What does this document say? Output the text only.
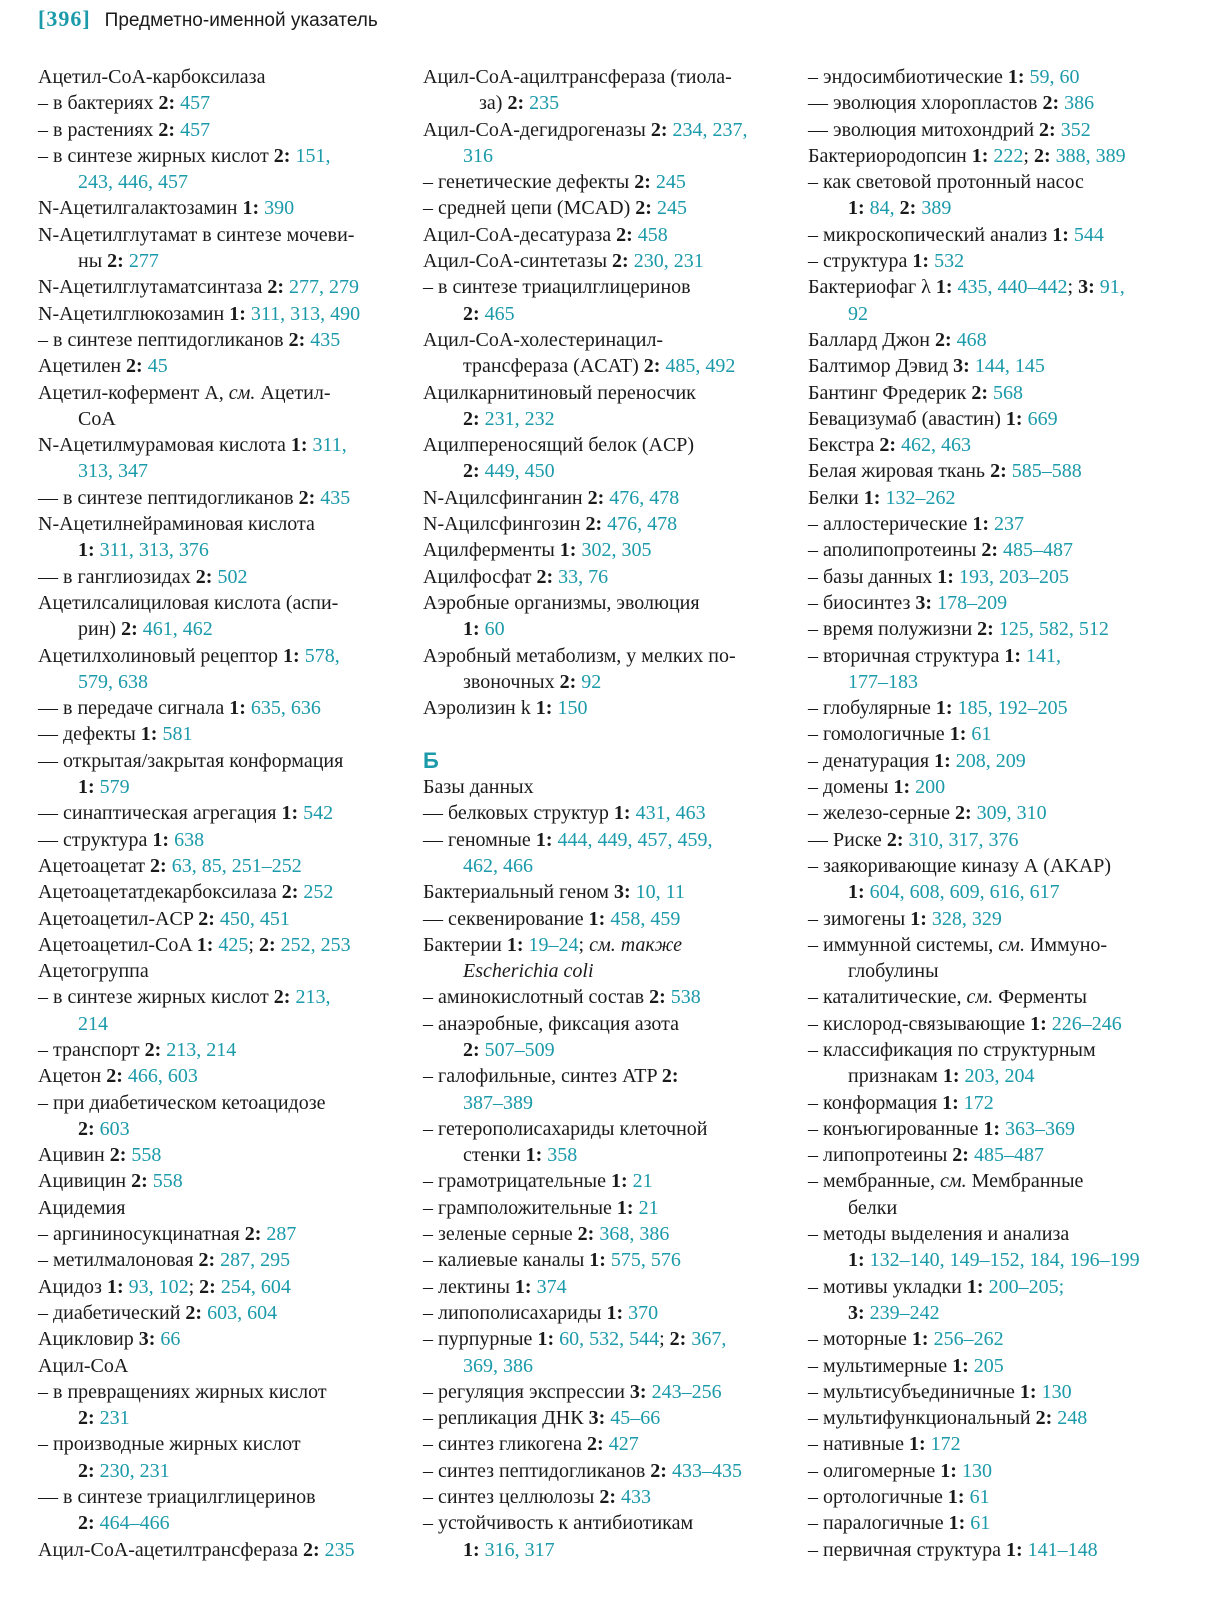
[396] Предметно-именной указатель
Ацетил-CoA-карбоксилаза
– в бактериях 2: 457
– в растениях 2: 457
– в синтезе жирных кислот 2: 151,
243, 446, 457
N-Ацетилгалактозамин 1: 390
N-Ацетилглутамат в синтезе мочеви-
ны 2: 277
N-Ацетилглутаматсинтаза 2: 277, 279
N-Ацетилглюкозамин 1: 311, 313, 490
– в синтезе пептидогликанов 2: 435
Ацетилен 2: 45
Ацетил-кофермент А, см. Ацетил-
CoA
N-Ацетилмурамовая кислота 1: 311,
313, 347
–– в синтезе пептидогликанов 2: 435
N-Ацетилнейраминовая кислота
1: 311, 313, 376
–– в ганглиозидах 2: 502
Ацетилсалициловая кислота (аспи-
рин) 2: 461, 462
Ацетилхолиновый рецептор 1: 578,
579, 638
–– в передаче сигнала 1: 635, 636
–– дефекты 1: 581
–– открытая/закрытая конформация
1: 579
–– синаптическая агрегация 1: 542
–– структура 1: 638
Ацетоацетат 2: 63, 85, 251–252
Ацетоацетатдекарбоксилаза 2: 252
Ацетоацетил-ACP 2: 450, 451
Ацетоацетил-CoA 1: 425; 2: 252, 253
Ацетогруппа
– в синтезе жирных кислот 2: 213,
214
– транспорт 2: 213, 214
Ацетон 2: 466, 603
– при диабетическом кетоацидозе
2: 603
Ацивин 2: 558
Ацивицин 2: 558
Ацидемия
– аргининосукцинатная 2: 287
– метилмалоновая 2: 287, 295
Ацидоз 1: 93, 102; 2: 254, 604
– диабетический 2: 603, 604
Ацикловир 3: 66
Ацил-CoA
– в превращениях жирных кислот
2: 231
– производные жирных кислот
2: 230, 231
–– в синтезе триацилглицеринов
2: 464–466
Ацил-CoA-ацетилтрансфераза 2: 235
Ацил-CoA-ацилтрансфераза (тиола-
за) 2: 235
Ацил-CoA-дегидрогеназы 2: 234, 237,
316
– генетические дефекты 2: 245
– средней цепи (MCAD) 2: 245
Ацил-CoA-десатураза 2: 458
Ацил-CoA-синтетазы 2: 230, 231
– в синтезе триацилглицеринов
2: 465
Ацил-CoA-холестеринацил-
трансфераза (ACAT) 2: 485, 492
Ацилкарнитиновый переносчик
2: 231, 232
Ацилпереносящий белок (ACP)
2: 449, 450
N-Ацилсфинганин 2: 476, 478
N-Ацилсфингозин 2: 476, 478
Ацилферменты 1: 302, 305
Ацилфосфат 2: 33, 76
Аэробные организмы, эволюция
1: 60
Аэробный метаболизм, у мелких по-
звоночных 2: 92
Аэролизин k 1: 150
Б
Базы данных
–– белковых структур 1: 431, 463
–– геномные 1: 444, 449, 457, 459,
462, 466
Бактериальный геном 3: 10, 11
–– секвенирование 1: 458, 459
Бактерии 1: 19–24; см. также
Escherichia coli
– аминокислотный состав 2: 538
– анаэробные, фиксация азота
2: 507–509
– галофильные, синтез ATP 2:
387–389
– гетерополисахариды клеточной
стенки 1: 358
– грамотрицательные 1: 21
– грамположительные 1: 21
– зеленые серные 2: 368, 386
– калиевые каналы 1: 575, 576
– лектины 1: 374
– липополисахариды 1: 370
– пурпурные 1: 60, 532, 544; 2: 367,
369, 386
– регуляция экспрессии 3: 243–256
– репликация ДНК 3: 45–66
– синтез гликогена 2: 427
– синтез пептидогликанов 2: 433–435
– синтез целлюлозы 2: 433
– устойчивость к антибиотикам
1: 316, 317
– эндосимбиотические 1: 59, 60
–– эволюция хлоропластов 2: 386
–– эволюция митохондрий 2: 352
Бактериородопсин 1: 222; 2: 388, 389
– как световой протонный насос
1: 84, 2: 389
– микроскопический анализ 1: 544
– структура 1: 532
Бактериофаг λ 1: 435, 440–442; 3: 91,
92
Баллард Джон 2: 468
Балтимор Дэвид 3: 144, 145
Бантинг Фредерик 2: 568
Бевацизумаб (авастин) 1: 669
Бекстра 2: 462, 463
Белая жировая ткань 2: 585–588
Белки 1: 132–262
– аллостерические 1: 237
– аполипопротеины 2: 485–487
– базы данных 1: 193, 203–205
– биосинтез 3: 178–209
– время полужизни 2: 125, 582, 512
– вторичная структура 1: 141,
177–183
– глобулярные 1: 185, 192–205
– гомологичные 1: 61
– денатурация 1: 208, 209
– домены 1: 200
– железо-серные 2: 309, 310
–– Риске 2: 310, 317, 376
– заякоривающие киназу А (AKAP)
1: 604, 608, 609, 616, 617
– зимогены 1: 328, 329
– иммунной системы, см. Иммуно-
глобулины
– каталитические, см. Ферменты
– кислород-связывающие 1: 226–246
– классификация по структурным
признакам 1: 203, 204
– конформация 1: 172
– конъюгированные 1: 363–369
– липопротеины 2: 485–487
– мембранные, см. Мембранные
белки
– методы выделения и анализа
1: 132–140, 149–152, 184, 196–199
– мотивы укладки 1: 200–205;
3: 239–242
– моторные 1: 256–262
– мультимерные 1: 205
– мультисубъединичные 1: 130
– мультифункциональный 2: 248
– нативные 1: 172
– олигомерные 1: 130
– ортологичные 1: 61
– паралогичные 1: 61
– первичная структура 1: 141–148
